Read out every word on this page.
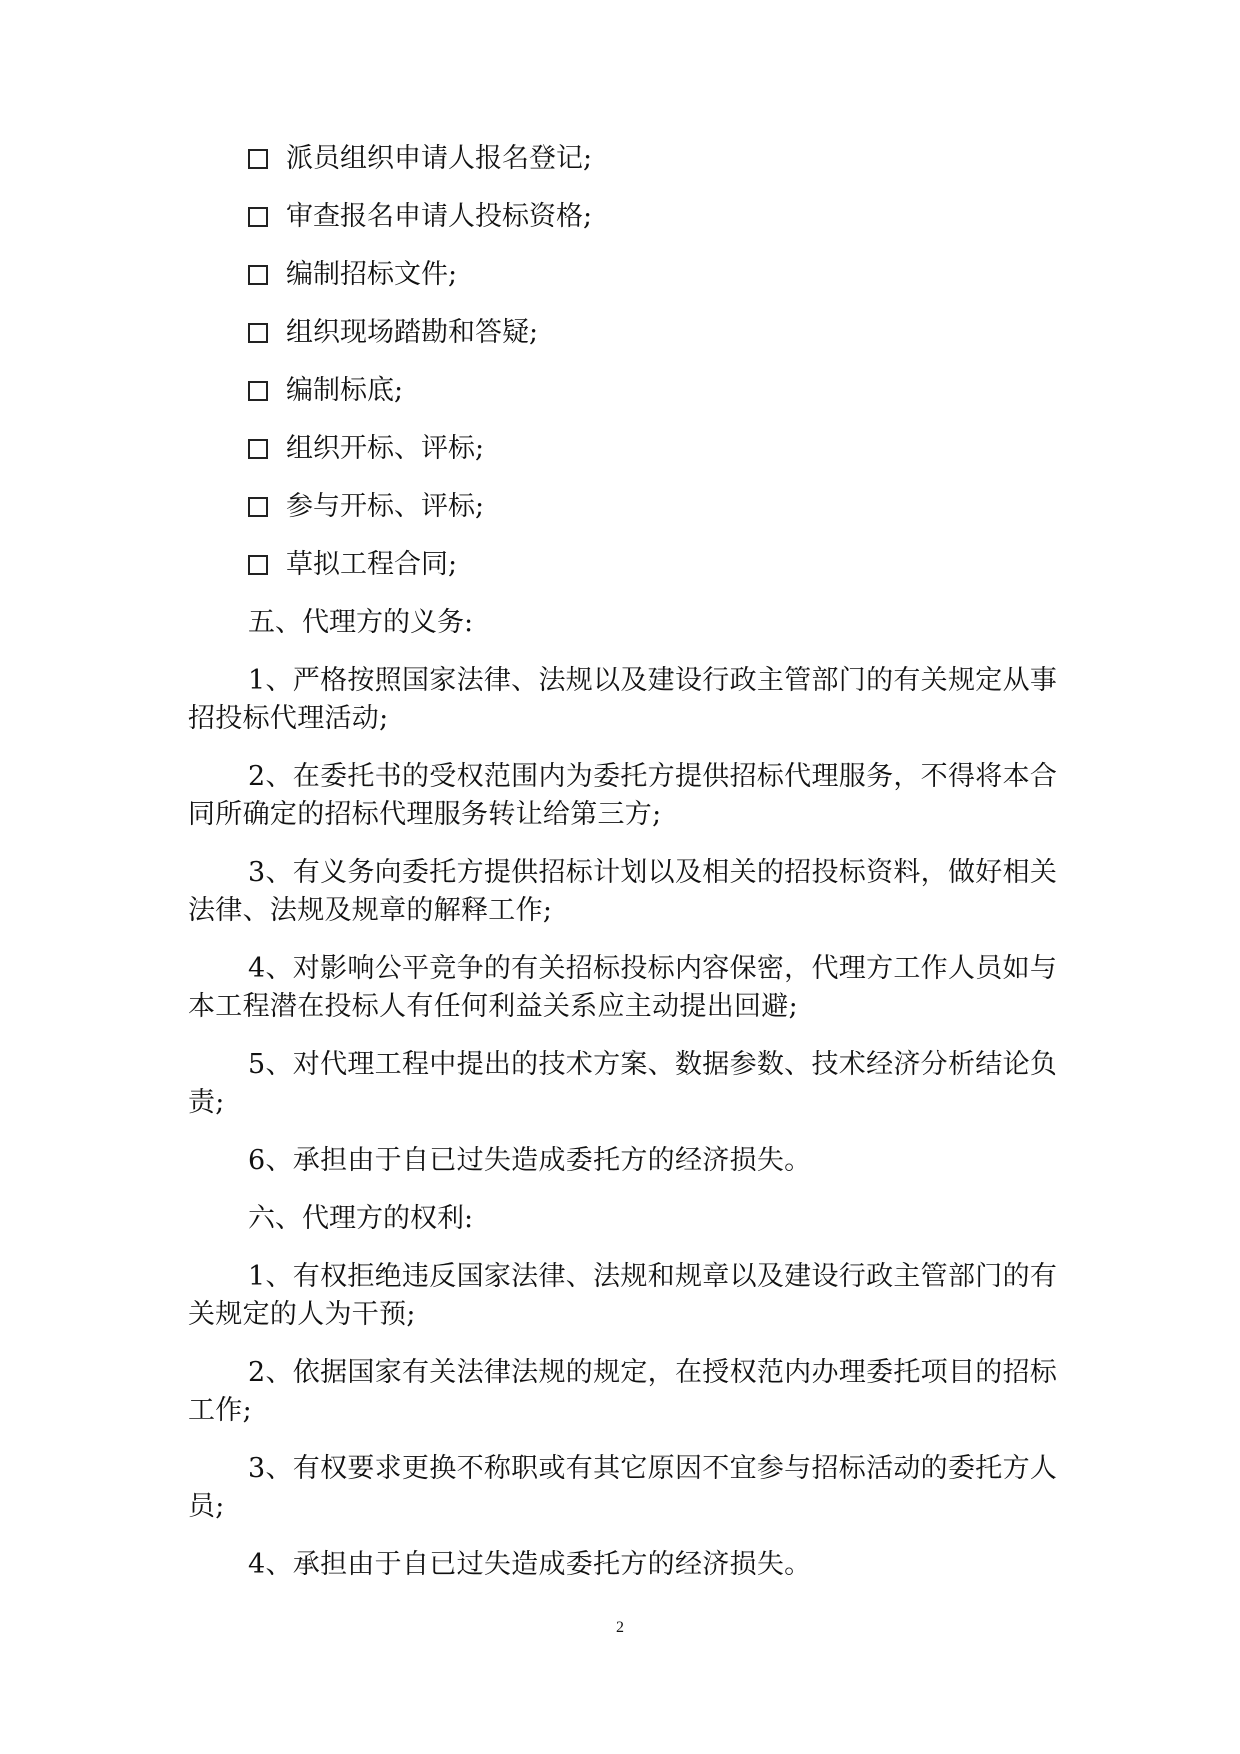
派员组织申请人报名登记;
审查报名申请人投标资格;
编制招标文件;
组织现场踏勘和答疑;
编制标底;
组织开标、评标;
参与开标、评标;
草拟工程合同;
五、代理方的义务:

1、严格按照国家法律、法规以及建设行政主管部门的有关规定从事招投标代理活动;

2、在委托书的受权范围内为委托方提供招标代理服务，不得将本合同所确定的招标代理服务转让给第三方;

3、有义务向委托方提供招标计划以及相关的招投标资料，做好相关法律、法规及规章的解释工作;

4、对影响公平竞争的有关招标投标内容保密，代理方工作人员如与本工程潜在投标人有任何利益关系应主动提出回避;

5、对代理工程中提出的技术方案、数据参数、技术经济分析结论负责;

6、承担由于自已过失造成委托方的经济损失。

六、代理方的权利:

1、有权拒绝违反国家法律、法规和规章以及建设行政主管部门的有关规定的人为干预;

2、依据国家有关法律法规的规定，在授权范内办理委托项目的招标工作;

3、有权要求更换不称职或有其它原因不宜参与招标活动的委托方人员;

4、承担由于自已过失造成委托方的经济损失。

2
